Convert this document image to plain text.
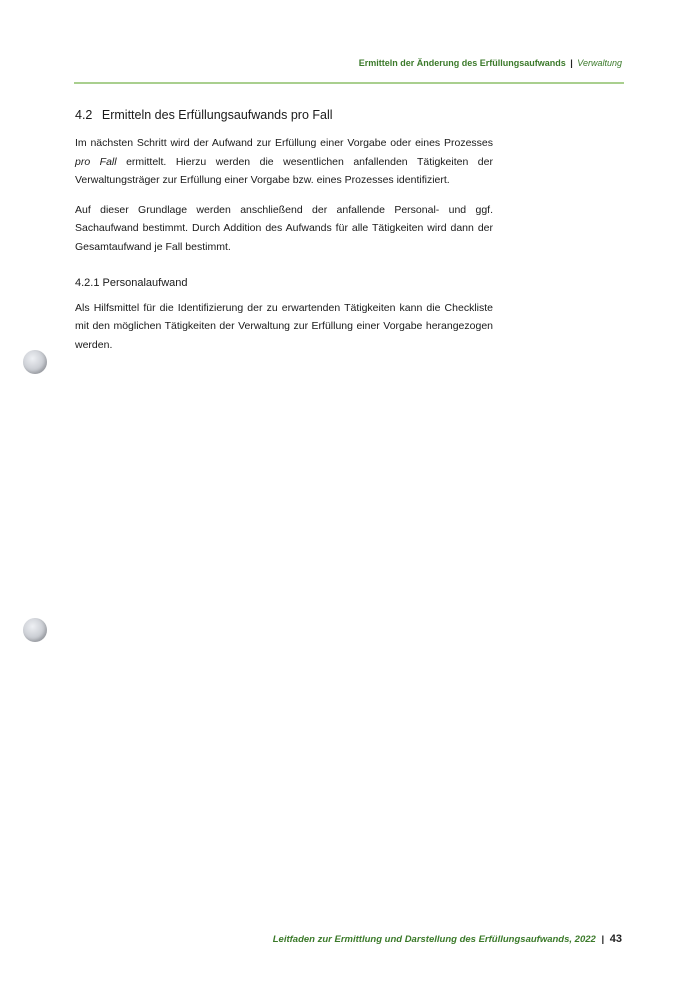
Ermitteln der Änderung des Erfüllungsaufwands | Verwaltung
4.2 Ermitteln des Erfüllungsaufwands pro Fall

Im nächsten Schritt wird der Aufwand zur Erfüllung einer Vorgabe oder eines Prozesses pro Fall ermittelt. Hierzu werden die wesentlichen anfallenden Tätigkeiten der Verwaltungsträger zur Erfüllung einer Vorgabe bzw. eines Prozesses identifiziert.

Auf dieser Grundlage werden anschließend der anfallende Personal- und ggf. Sachaufwand bestimmt. Durch Addition des Aufwands für alle Tätigkeiten wird dann der Gesamtaufwand je Fall bestimmt.

4.2.1 Personalaufwand

Als Hilfsmittel für die Identifizierung der zu erwartenden Tätigkeiten kann die Checkliste mit den möglichen Tätigkeiten der Verwaltung zur Erfüllung einer Vorgabe herangezogen werden.

Leitfaden zur Ermittlung und Darstellung des Erfüllungsaufwands, 2022 | 43
